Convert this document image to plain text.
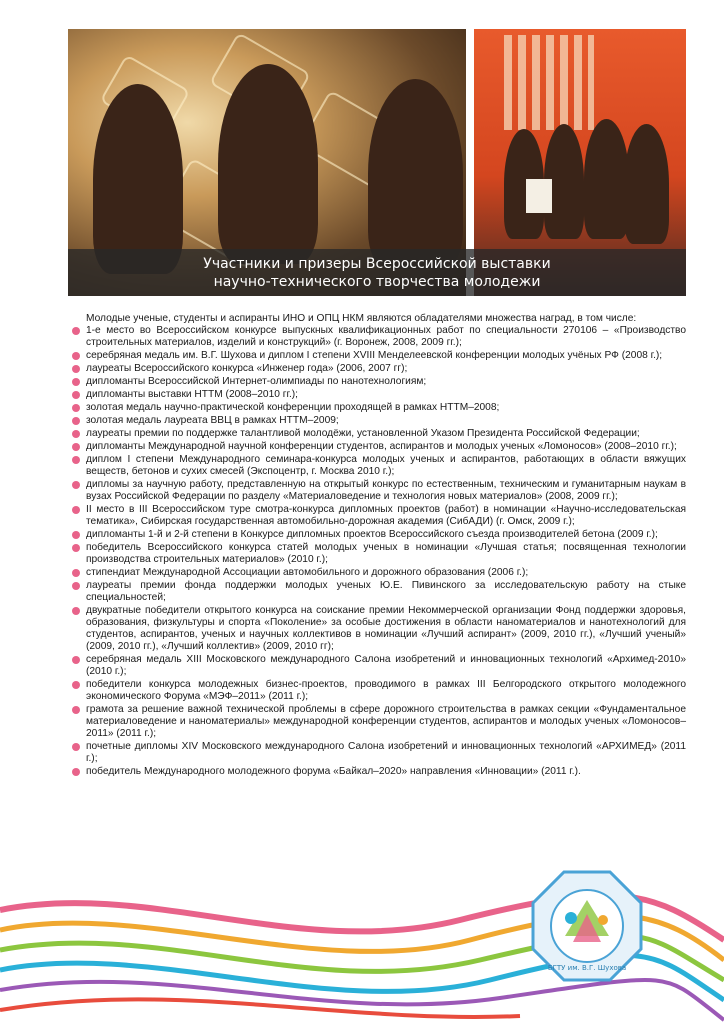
Участники и призеры Всероссийской выставки
научно-технического творчества молодежи
Молодые ученые, студенты и аспиранты ИНО и ОПЦ НКМ являются обладателями множества наград, в том числе:
1-е место во Всероссийском конкурсе выпускных квалификационных работ по специальности 270106 – «Производство строительных материалов, изделий и конструкций» (г. Воронеж, 2008, 2009 гг.);
серебряная медаль им. В.Г. Шухова и диплом I степени XVIII Менделеевской конференции молодых учёных РФ (2008 г.);
лауреаты Всероссийского конкурса «Инженер года» (2006, 2007 гг);
дипломанты Всероссийской Интернет-олимпиады по нанотехнологиям;
дипломанты выставки НТТМ (2008–2010 гг.);
золотая медаль научно-практической конференции проходящей в рамках НТТМ–2008;
золотая медаль лауреата ВВЦ в рамках НТТМ–2009;
лауреаты премии по поддержке талантливой молодёжи, установленной Указом Президента Российской Федерации;
дипломанты Международной научной конференции студентов, аспирантов и молодых ученых «Ломоносов» (2008–2010 гг.);
диплом I степени Международного семинара-конкурса молодых ученых и аспирантов, работающих в области вяжущих веществ, бетонов и сухих смесей (Экспоцентр, г. Москва 2010 г.);
дипломы за научную работу, представленную на открытый конкурс по естественным, техническим и гуманитарным наукам в вузах Российской Федерации по разделу «Материаловедение и технология новых материалов» (2008, 2009 гг.);
II место в III Всероссийском туре смотра-конкурса дипломных проектов (работ) в номинации «Научно-исследовательская тематика», Сибирская государственная автомобильно-дорожная академия (СибАДИ) (г. Омск, 2009 г.);
дипломанты 1-й и 2-й степени в Конкурсе дипломных проектов Всероссийского съезда производителей бетона (2009 г.);
победитель Всероссийского конкурса статей молодых ученых в номинации «Лучшая статья; посвященная технологии производства строительных материалов» (2010 г.);
стипендиат Международной Ассоциации автомобильного и дорожного образования (2006 г.);
лауреаты премии фонда поддержки молодых ученых Ю.Е. Пивинского за исследовательскую работу на стыке специальностей;
двукратные победители открытого конкурса на соискание премии Некоммерческой организации Фонд поддержки здоровья, образования, физкультуры и спорта «Поколение» за особые достижения в области наноматериалов и нанотехнологий для студентов, аспирантов, ученых и научных коллективов в номинации «Лучший аспирант» (2009, 2010 гг.), «Лучший ученый» (2009, 2010 гг.), «Лучший коллектив» (2009, 2010 гг);
серебряная медаль XIII Московского международного Салона изобретений и инновационных технологий «Архимед-2010» (2010 г.);
победители конкурса молодежных бизнес-проектов, проводимого в рамках III Белгородского открытого молодежного экономического Форума «МЭФ–2011» (2011 г.);
грамота за решение важной технической проблемы в сфере дорожного строительства в рамках секции «Фундаментальное материаловедение и наноматериалы» международной конференции студентов, аспирантов и молодых ученых «Ломоносов–2011» (2011 г.);
почетные дипломы XIV Московского международного Салона изобретений и инновационных технологий «АРХИМЕД» (2011 г.);
победитель Международного молодежного форума «Байкал–2020» направления «Инновации» (2011 г.).
БГТУ им. В.Г. Шухова
